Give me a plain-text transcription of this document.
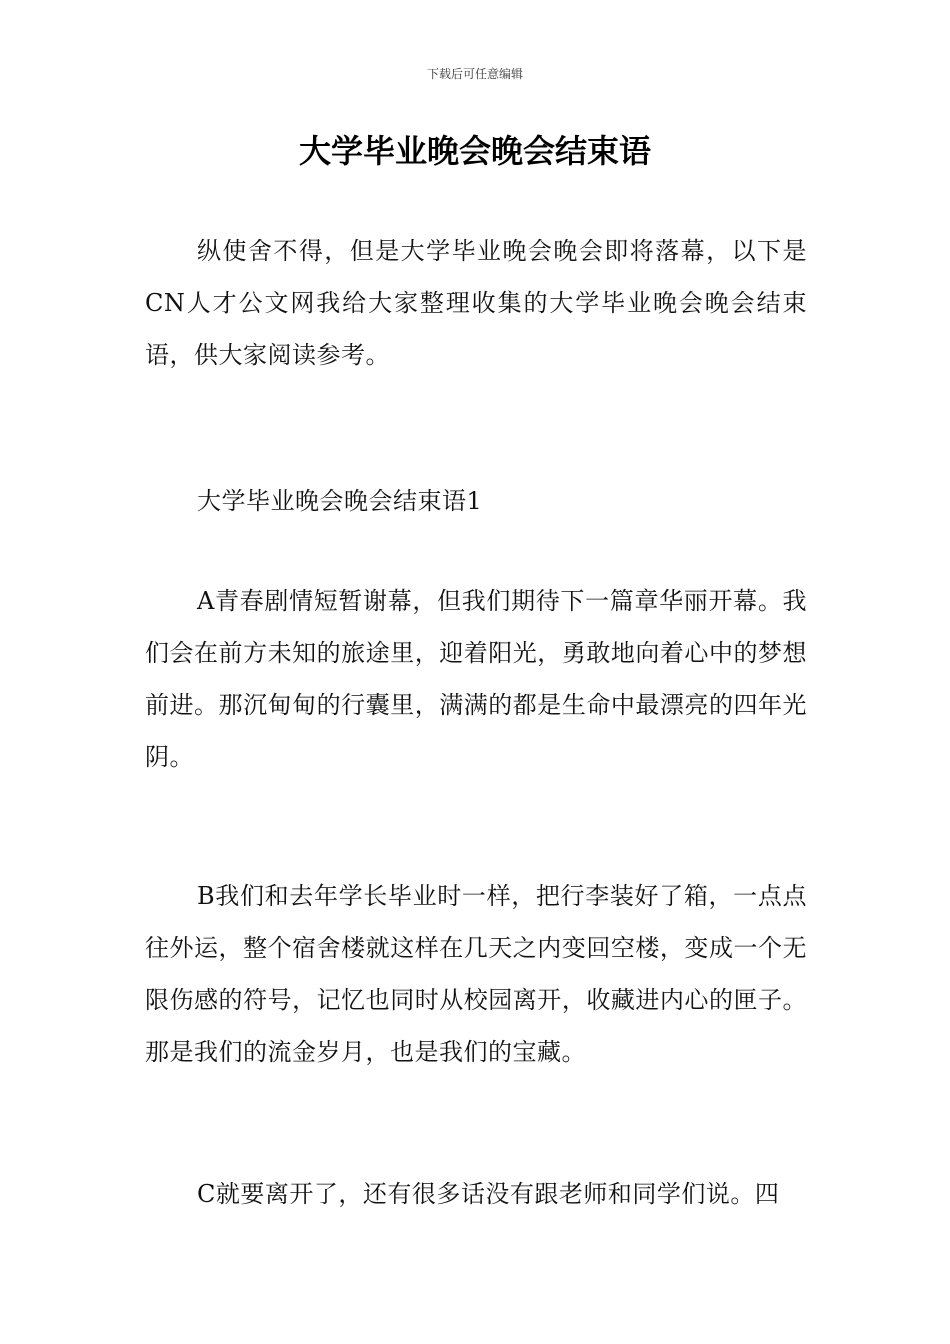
下载后可任意编辑
大学毕业晚会晚会结束语

纵使舍不得，但是大学毕业晚会晚会即将落幕，以下是CN人才公文网我给大家整理收集的大学毕业晚会晚会结束语，供大家阅读参考。

大学毕业晚会晚会结束语1

A青春剧情短暂谢幕，但我们期待下一篇章华丽开幕。我们会在前方未知的旅途里，迎着阳光，勇敢地向着心中的梦想前进。那沉甸甸的行囊里，满满的都是生命中最漂亮的四年光阴。

B我们和去年学长毕业时一样，把行李装好了箱，一点点往外运，整个宿舍楼就这样在几天之内变回空楼，变成一个无限伤感的符号，记忆也同时从校园离开，收藏进内心的匣子。那是我们的流金岁月，也是我们的宝藏。

C就要离开了，还有很多话没有跟老师和同学们说。四
